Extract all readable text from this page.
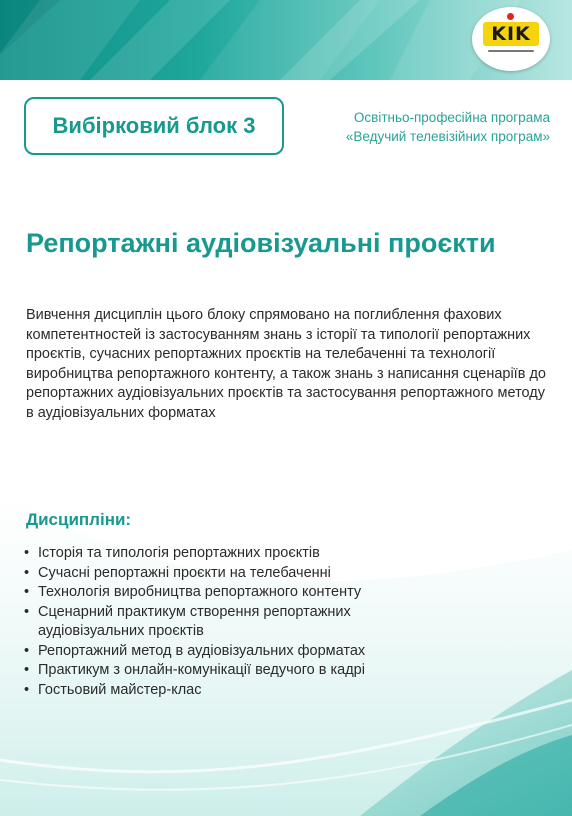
KIK
Вибірковий блок 3	Освітньо-професійна програма
«Ведучий телевізійних програм»
Репортажні аудіовізуальні проєкти
Вивчення дисциплін цього блоку спрямовано на поглиблення фахових компетентностей із застосуванням знань з історії та типології репортажних проєктів, сучасних репортажних проєктів на телебаченні та технології виробництва репортажного контенту, а також знань з написання сценаріїв до репортажних аудіовізуальних проєктів та застосування репортажного методу в аудіовізуальних форматах
Дисципліни:
• Історія та типологія репортажних проєктів
• Сучасні репортажні проєкти на телебаченні
• Технологія виробництва репортажного контенту
• Сценарний практикум створення репортажних аудіовізуальних проєктів
• Репортажний метод в аудіовізуальних форматах
• Практикум з онлайн-комунікації ведучого в кадрі
• Гостьовий майстер-клас
